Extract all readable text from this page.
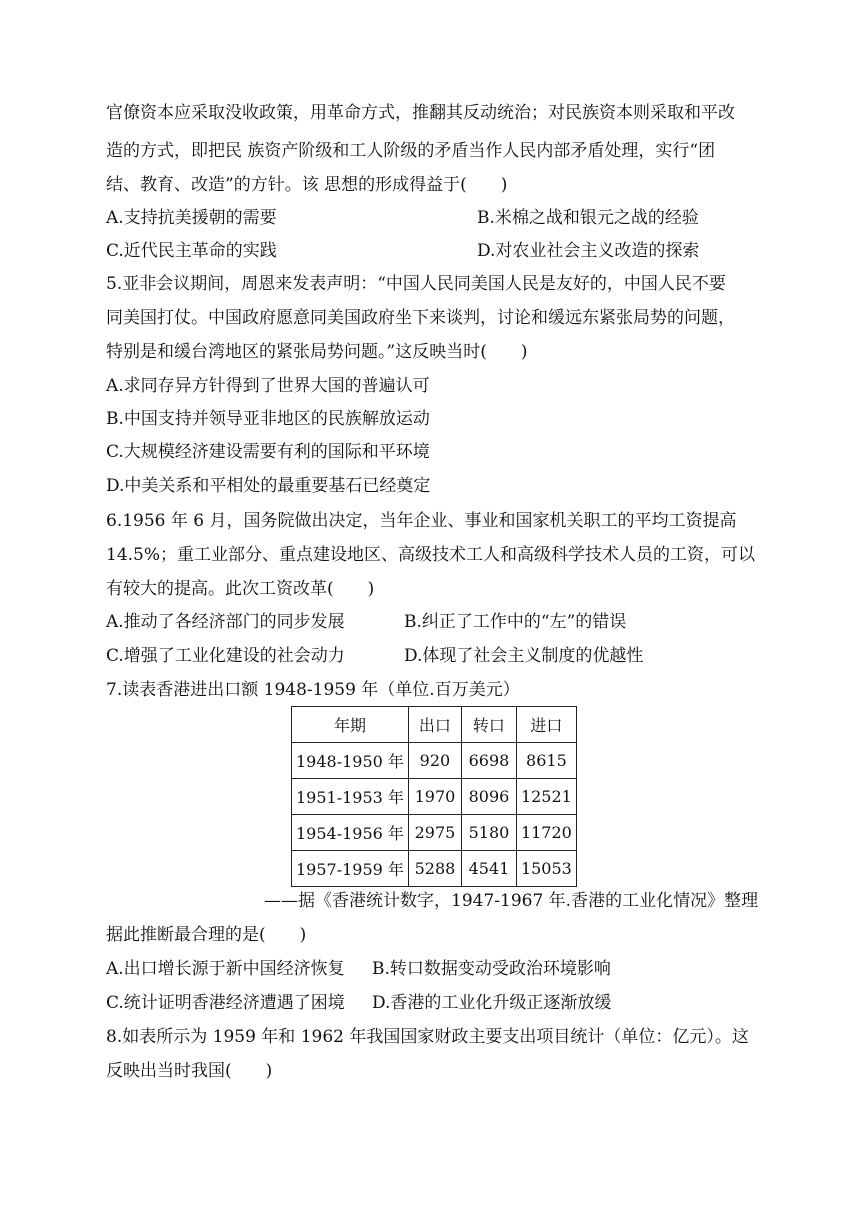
官僚资本应采取没收政策，用革命方式，推翻其反动统治；对民族资本则采取和平改
造的方式，即把民 族资产阶级和工人阶级的矛盾当作人民内部矛盾处理，实行“团
结、教育、改造”的方针。该 思想的形成得益于(　　)
A.支持抗美援朝的需要	B.米棉之战和银元之战的经验
C.近代民主革命的实践	D.对农业社会主义改造的探索
5.亚非会议期间，周恩来发表声明：“中国人民同美国人民是友好的，中国人民不要
同美国打仗。中国政府愿意同美国政府坐下来谈判，讨论和缓远东紧张局势的问题，
特别是和缓台湾地区的紧张局势问题。”这反映当时(　　)
A.求同存异方针得到了世界大国的普遍认可
B.中国支持并领导亚非地区的民族解放运动
C.大规模经济建设需要有利的国际和平环境
D.中美关系和平相处的最重要基石已经奠定
6.1956 年 6 月，国务院做出决定，当年企业、事业和国家机关职工的平均工资提高
14.5%；重工业部分、重点建设地区、高级技术工人和高级科学技术人员的工资，可以
有较大的提高。此次工资改革(　　)
A.推动了各经济部门的同步发展	B.纠正了工作中的“左”的错误
C.增强了工业化建设的社会动力	D.体现了社会主义制度的优越性
7.读表香港进出口额 1948-1959 年（单位.百万美元）
年期	出口	转口	进口
1948-1950 年	920	6698	8615
1951-1953 年	1970	8096	12521
1954-1956 年	2975	5180	11720
1957-1959 年	5288	4541	15053
——据《香港统计数字，1947-1967 年.香港的工业化情况》整理
据此推断最合理的是(　　)
A.出口增长源于新中国经济恢复 B.转口数据变动受政治环境影响
C.统计证明香港经济遭遇了困境 D.香港的工业化升级正逐渐放缓
8.如表所示为 1959 年和 1962 年我国国家财政主要支出项目统计（单位：亿元）。这
反映出当时我国(　　)
